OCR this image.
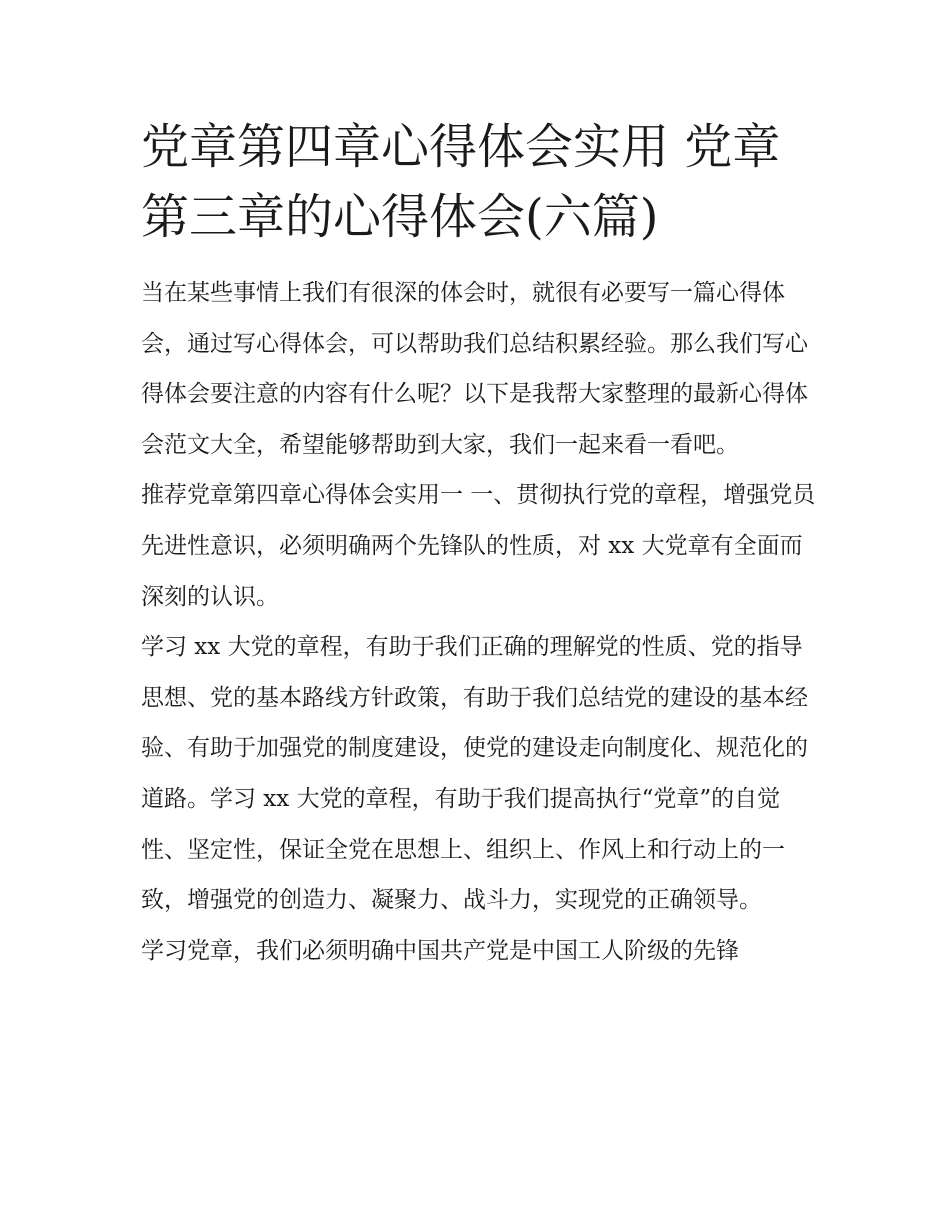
党章第四章心得体会实用 党章第三章的心得体会(六篇)

当在某些事情上我们有很深的体会时，就很有必要写一篇心得体会，通过写心得体会，可以帮助我们总结积累经验。那么我们写心得体会要注意的内容有什么呢？以下是我帮大家整理的最新心得体会范文大全，希望能够帮助到大家，我们一起来看一看吧。

推荐党章第四章心得体会实用一 一、贯彻执行党的章程，增强党员先进性意识，必须明确两个先锋队的性质，对 xx 大党章有全面而深刻的认识。

学习 xx 大党的章程，有助于我们正确的理解党的性质、党的指导思想、党的基本路线方针政策，有助于我们总结党的建设的基本经验、有助于加强党的制度建设，使党的建设走向制度化、规范化的道路。学习 xx 大党的章程，有助于我们提高执行“党章”的自觉性、坚定性，保证全党在思想上、组织上、作风上和行动上的一致，增强党的创造力、凝聚力、战斗力，实现党的正确领导。

学习党章，我们必须明确中国共产党是中国工人阶级的先锋
